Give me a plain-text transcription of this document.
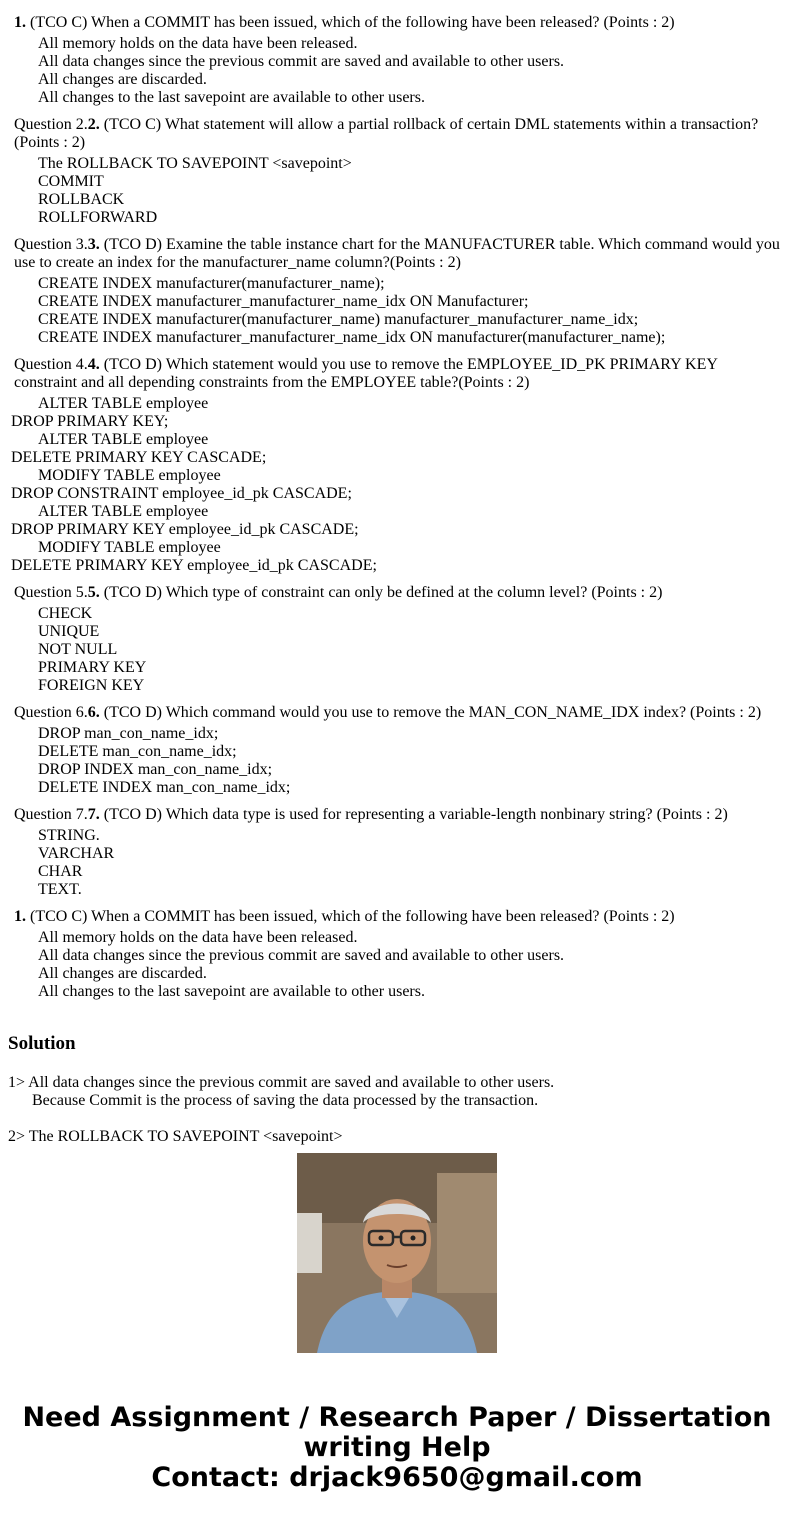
1. (TCO C) When a COMMIT has been issued, which of the following have been released? (Points : 2)
All memory holds on the data have been released.
All data changes since the previous commit are saved and available to other users.
All changes are discarded.
All changes to the last savepoint are available to other users.
Question 2.2. (TCO C) What statement will allow a partial rollback of certain DML statements within a transaction?(Points : 2)
The ROLLBACK TO SAVEPOINT <savepoint>
COMMIT
ROLLBACK
ROLLFORWARD
Question 3.3. (TCO D) Examine the table instance chart for the MANUFACTURER table. Which command would you use to create an index for the manufacturer_name column?(Points : 2)
CREATE INDEX manufacturer(manufacturer_name);
CREATE INDEX manufacturer_manufacturer_name_idx ON Manufacturer;
CREATE INDEX manufacturer(manufacturer_name) manufacturer_manufacturer_name_idx;
CREATE INDEX manufacturer_manufacturer_name_idx ON manufacturer(manufacturer_name);
Question 4.4. (TCO D) Which statement would you use to remove the EMPLOYEE_ID_PK PRIMARY KEY constraint and all depending constraints from the EMPLOYEE table?(Points : 2)
ALTER TABLE employee
DROP PRIMARY KEY;
ALTER TABLE employee
DELETE PRIMARY KEY CASCADE;
MODIFY TABLE employee
DROP CONSTRAINT employee_id_pk CASCADE;
ALTER TABLE employee
DROP PRIMARY KEY employee_id_pk CASCADE;
MODIFY TABLE employee
DELETE PRIMARY KEY employee_id_pk CASCADE;
Question 5.5. (TCO D) Which type of constraint can only be defined at the column level? (Points : 2)
CHECK
UNIQUE
NOT NULL
PRIMARY KEY
FOREIGN KEY
Question 6.6. (TCO D) Which command would you use to remove the MAN_CON_NAME_IDX index? (Points : 2)
DROP man_con_name_idx;
DELETE man_con_name_idx;
DROP INDEX man_con_name_idx;
DELETE INDEX man_con_name_idx;
Question 7.7. (TCO D) Which data type is used for representing a variable-length nonbinary string? (Points : 2)
STRING.
VARCHAR
CHAR
TEXT.
1. (TCO C) When a COMMIT has been issued, which of the following have been released? (Points : 2)
All memory holds on the data have been released.
All data changes since the previous commit are saved and available to other users.
All changes are discarded.
All changes to the last savepoint are available to other users.
Solution
1> All data changes since the previous commit are saved and available to other users.
Because Commit is the process of saving the data processed by the transaction.
2> The ROLLBACK TO SAVEPOINT <savepoint>
Need Assignment / Research Paper / Dissertation
writing Help
Contact: drjack9650@gmail.com
